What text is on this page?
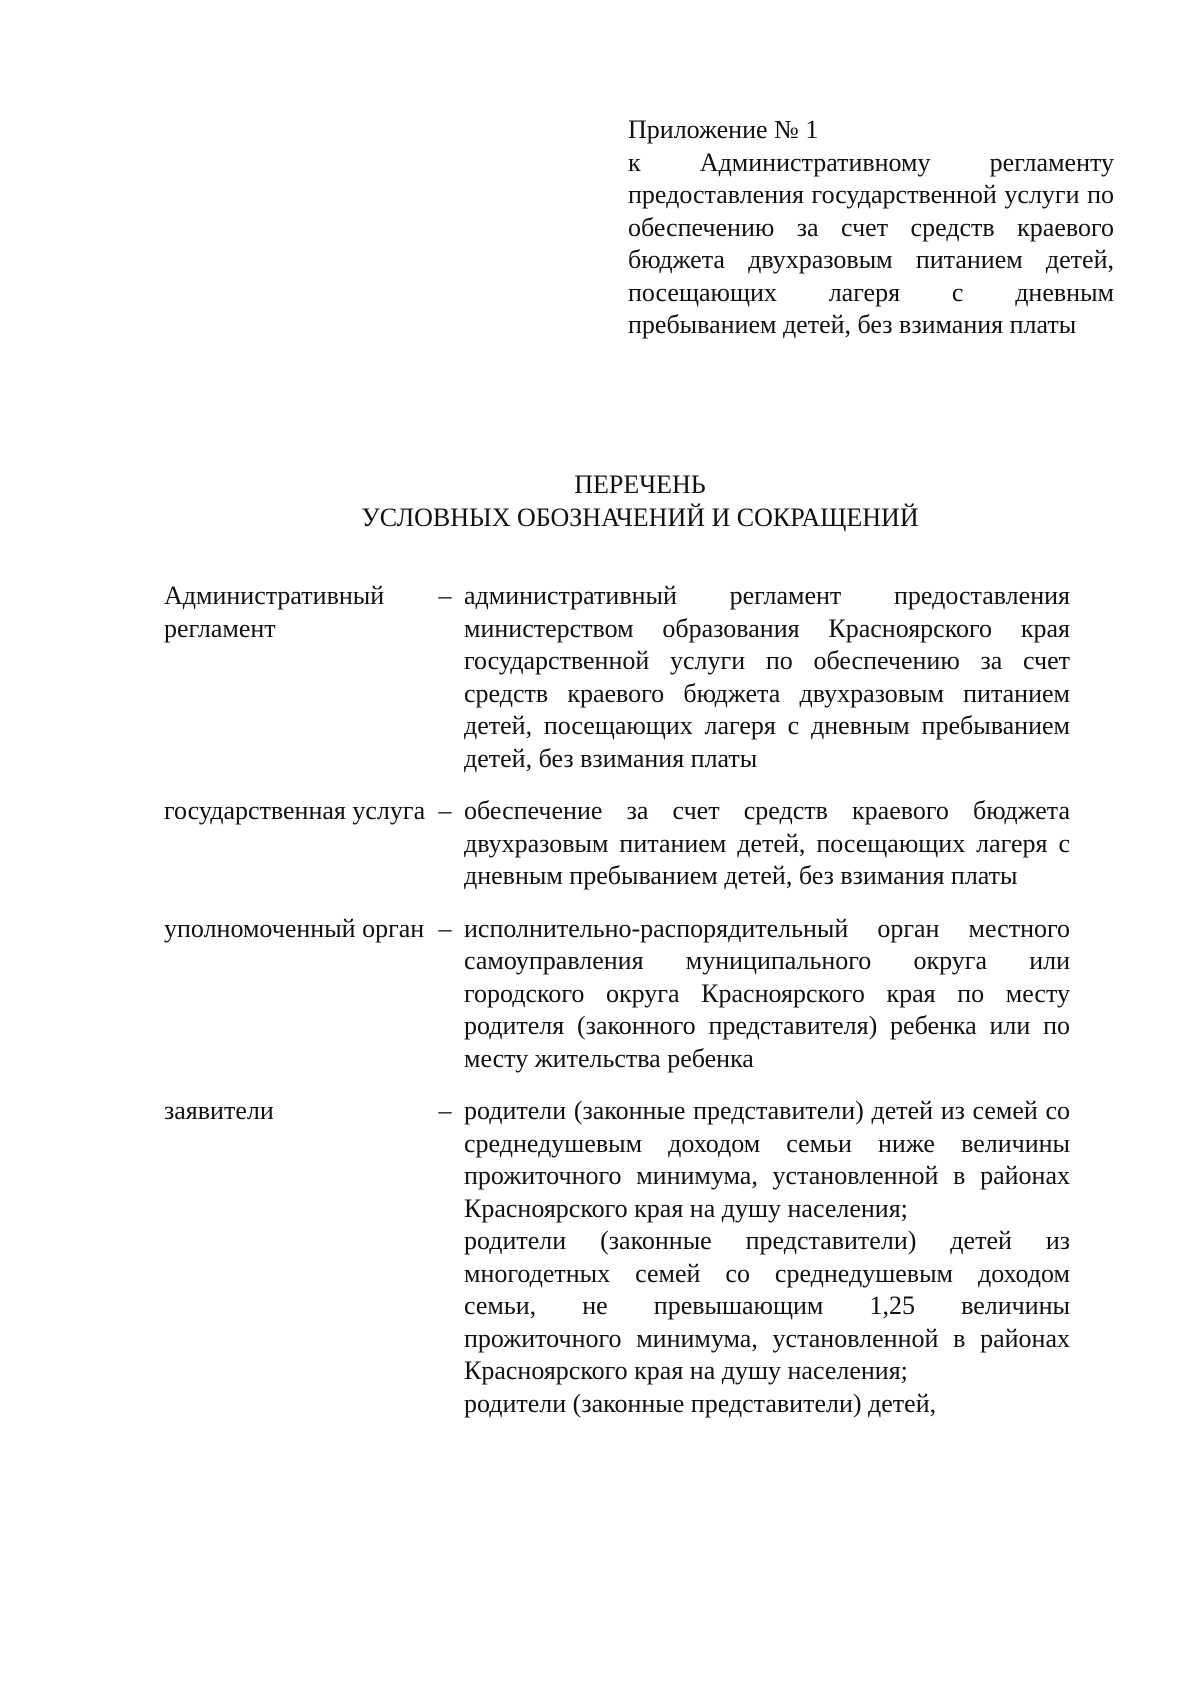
Приложение № 1
к Административному регламенту предоставления государственной услуги по обеспечению за счет средств краевого бюджета двухразовым питанием детей, посещающих лагеря с дневным пребыванием детей, без взимания платы
ПЕРЕЧЕНЬ
УСЛОВНЫХ ОБОЗНАЧЕНИЙ И СОКРАЩЕНИЙ
Административный регламент
– административный регламент предоставления министерством образования Красноярского края государственной услуги по обеспечению за счет средств краевого бюджета двухразовым питанием детей, посещающих лагеря с дневным пребыванием детей, без взимания платы
государственная услуга – обеспечение за счет средств краевого бюджета двухразовым питанием детей, посещающих лагеря с дневным пребыванием детей, без взимания платы
уполномоченный орган – исполнительно-распорядительный орган местного самоуправления муниципального округа или городского округа Красноярского края по месту родителя (законного представителя) ребенка или по месту жительства ребенка
заявители	– родители (законные представители) детей из семей со среднедушевым доходом семьи ниже величины прожиточного минимума, установленной в районах Красноярского края на душу населения;
родители (законные представители) детей из многодетных семей со среднедушевым доходом семьи, не превышающим 1,25 величины прожиточного минимума, установленной в районах Красноярского края на душу населения;
родители (законные представители) детей,
